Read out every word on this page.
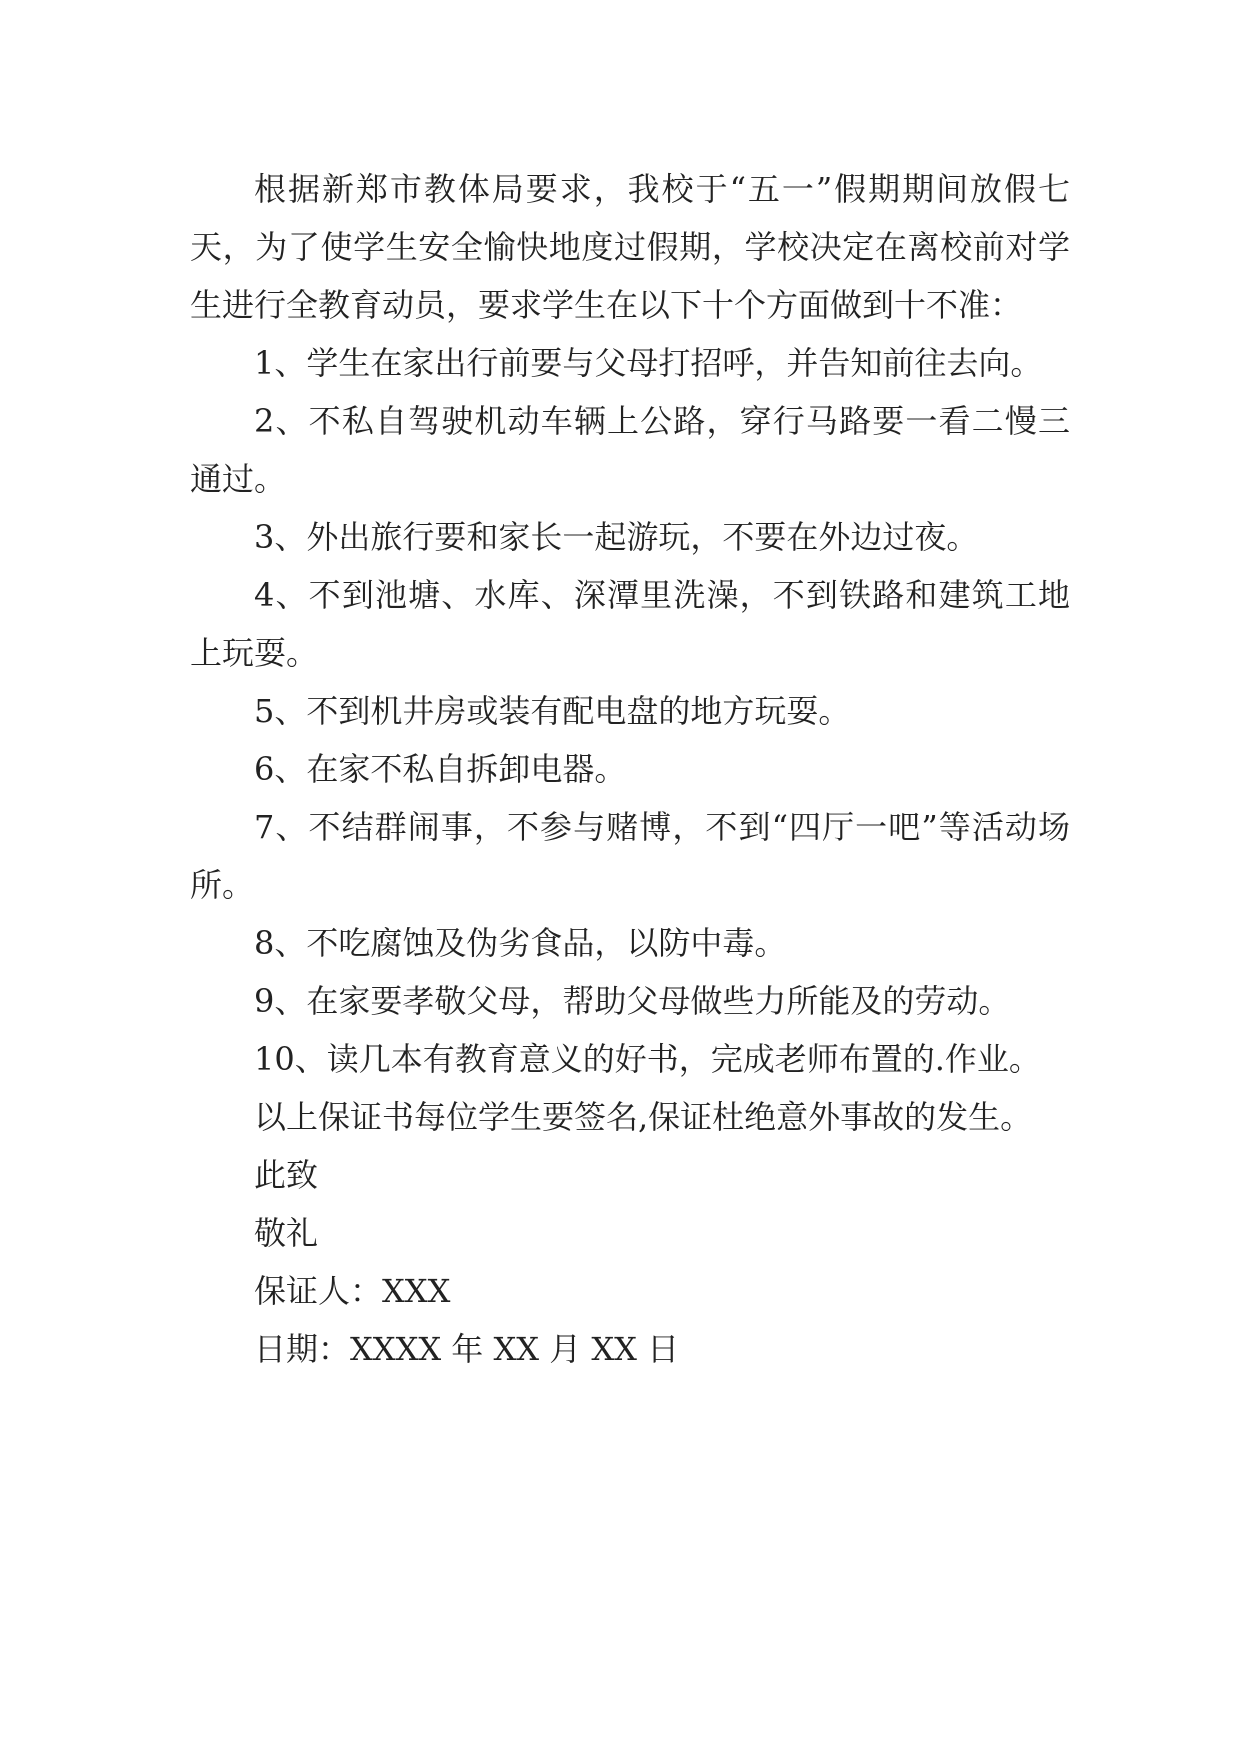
根据新郑市教体局要求，我校于“五一”假期期间放假七天，为了使学生安全愉快地度过假期，学校决定在离校前对学生进行全教育动员，要求学生在以下十个方面做到十不准：

1、学生在家出行前要与父母打招呼，并告知前往去向。

2、不私自驾驶机动车辆上公路，穿行马路要一看二慢三通过。

3、外出旅行要和家长一起游玩，不要在外边过夜。

4、不到池塘、水库、深潭里洗澡，不到铁路和建筑工地上玩耍。

5、不到机井房或装有配电盘的地方玩耍。

6、在家不私自拆卸电器。

7、不结群闹事，不参与赌博，不到“四厅一吧”等活动场所。

8、不吃腐蚀及伪劣食品，以防中毒。

9、在家要孝敬父母，帮助父母做些力所能及的劳动。

10、读几本有教育意义的好书，完成老师布置的.作业。

以上保证书每位学生要签名,保证杜绝意外事故的发生。

此致

敬礼

保证人：XXX

日期：XXXX 年 XX 月 XX 日
